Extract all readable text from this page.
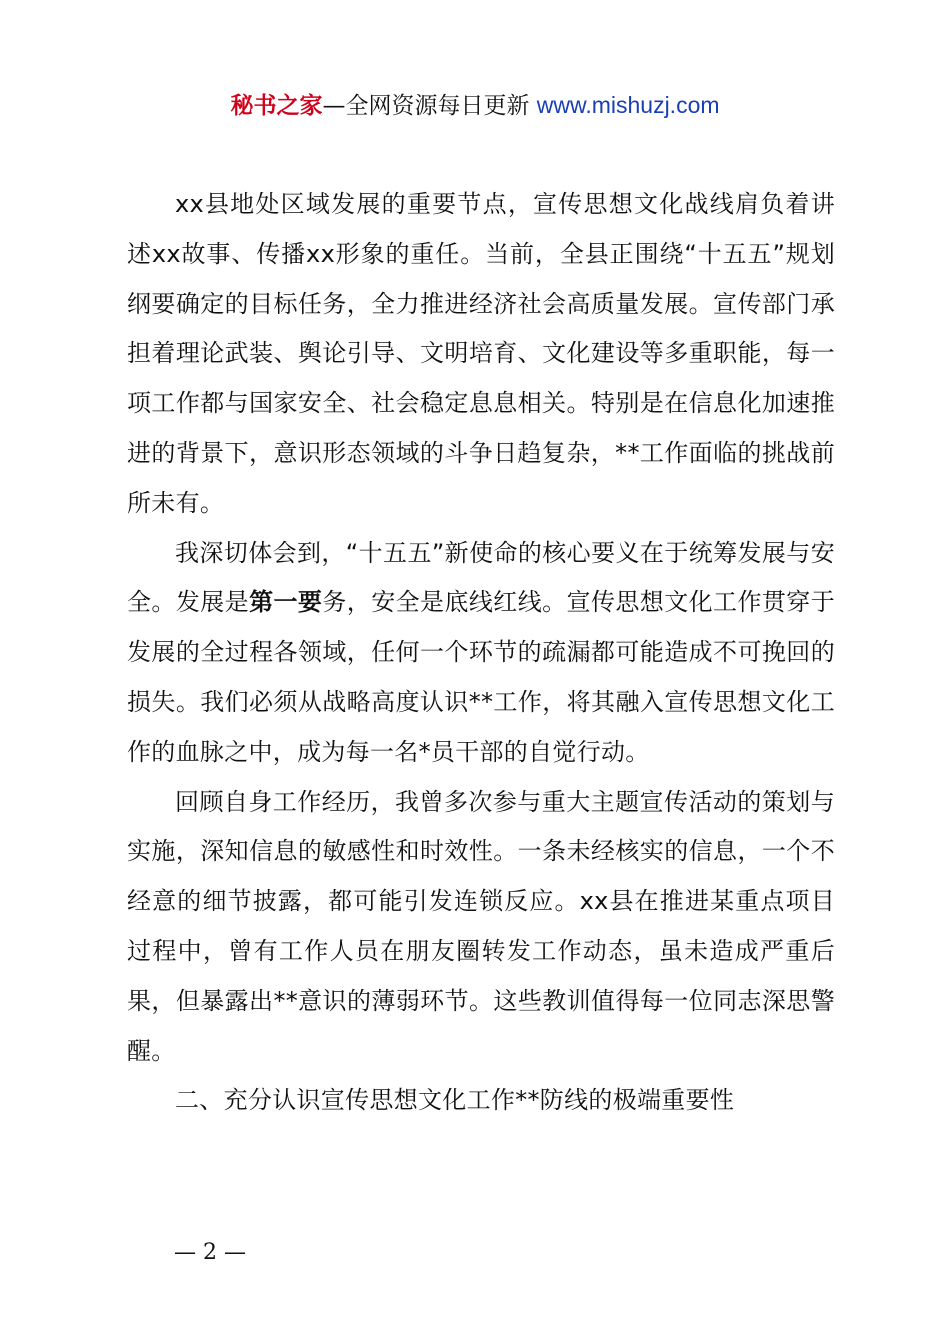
秘书之家—全网资源每日更新 www.mishuzj.com

xx县地处区域发展的重要节点，宣传思想文化战线肩负着讲述xx故事、传播xx形象的重任。当前，全县正围绕“十五五”规划纲要确定的目标任务，全力推进经济社会高质量发展。宣传部门承担着理论武装、舆论引导、文明培育、文化建设等多重职能，每一项工作都与国家安全、社会稳定息息相关。特别是在信息化加速推进的背景下，意识形态领域的斗争日趋复杂，**工作面临的挑战前所未有。

我深切体会到，“十五五”新使命的核心要义在于统筹发展与安全。发展是第一要务，安全是底线红线。宣传思想文化工作贯穿于发展的全过程各领域，任何一个环节的疏漏都可能造成不可挽回的损失。我们必须从战略高度认识**工作，将其融入宣传思想文化工作的血脉之中，成为每一名*员干部的自觉行动。

回顾自身工作经历，我曾多次参与重大主题宣传活动的策划与实施，深知信息的敏感性和时效性。一条未经核实的信息，一个不经意的细节披露，都可能引发连锁反应。xx县在推进某重点项目过程中，曾有工作人员在朋友圈转发工作动态，虽未造成严重后果，但暴露出**意识的薄弱环节。这些教训值得每一位同志深思警醒。

二、充分认识宣传思想文化工作**防线的极端重要性

— 2 —
